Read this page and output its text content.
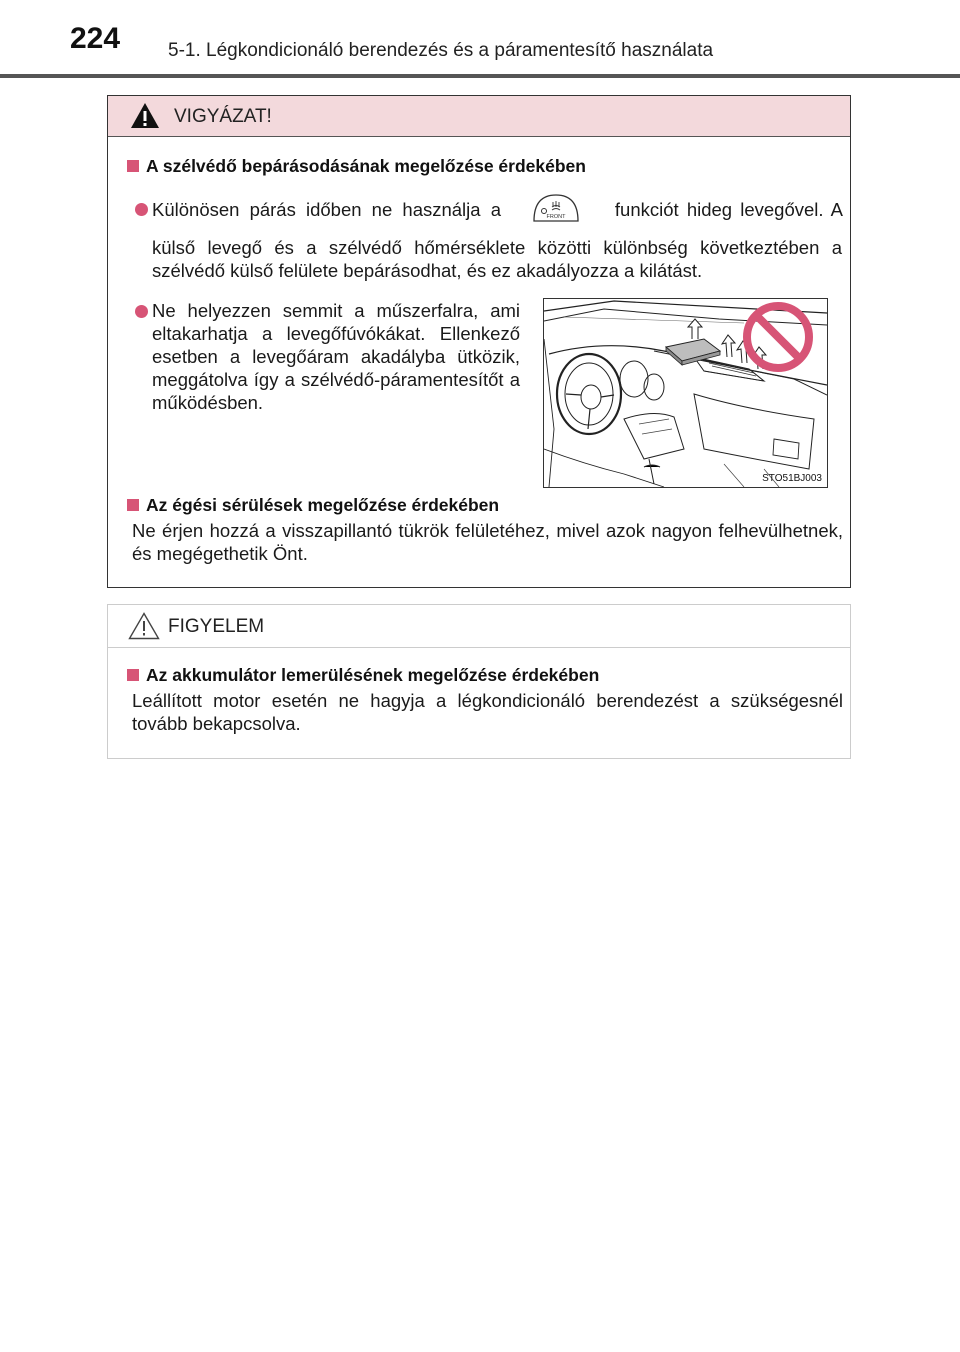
224	5-1. Légkondicionáló berendezés és a páramentesítő használata
VIGYÁZAT!
A szélvédő bepárásodásának megelőzése érdekében
Különösen párás időben ne használja a	FRONT	funkciót hideg levegővel. A
külső levegő és a szélvédő hőmérséklete közötti különbség következtében a szélvédő külső felülete bepárásodhat, és ez akadályozza a kilátást.
Ne helyezzen semmit a műszerfalra, ami eltakarhatja a levegőfúvókákat. Ellenkező esetben a levegőáram akadályba ütközik, meggátolva így a szélvédő-páramentesítőt a működésben.
STO51BJ003
Az égési sérülések megelőzése érdekében
Ne érjen hozzá a visszapillantó tükrök felületéhez, mivel azok nagyon felhevülhetnek, és megégethetik Önt.
FIGYELEM
Az akkumulátor lemerülésének megelőzése érdekében
Leállított motor esetén ne hagyja a légkondicionáló berendezést a szükségesnél tovább bekapcsolva.
